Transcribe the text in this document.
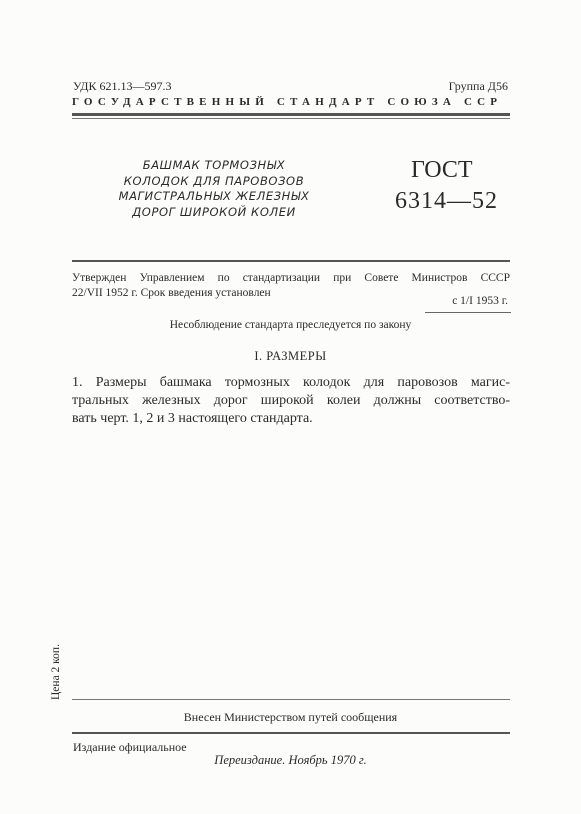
УДК 621.13—597.3	Группа Д56
ГОСУДАРСТВЕННЫЙ СТАНДАРТ СОЮЗА ССР
БАШМАК ТОРМОЗНЫХ
КОЛОДОК ДЛЯ ПАРОВОЗОВ
МАГИСТРАЛЬНЫХ ЖЕЛЕЗНЫХ
ДОРОГ ШИРОКОЙ КОЛЕИ
ГОСТ
6314—52
Утвержден Управлением по стандартизации при Совете Министров СССР
22/VII 1952 г. Срок введения установлен
с 1/I 1953 г.
Несоблюдение стандарта преследуется по закону
I. РАЗМЕРЫ
1. Размеры башмака тормозных колодок для паровозов магис-
тральных железных дорог широкой колеи должны соответство-
вать черт. 1, 2 и 3 настоящего стандарта.
Цена 2 коп.
Внесен Министерством путей сообщения
Издание официальное
Переиздание. Ноябрь 1970 г.
